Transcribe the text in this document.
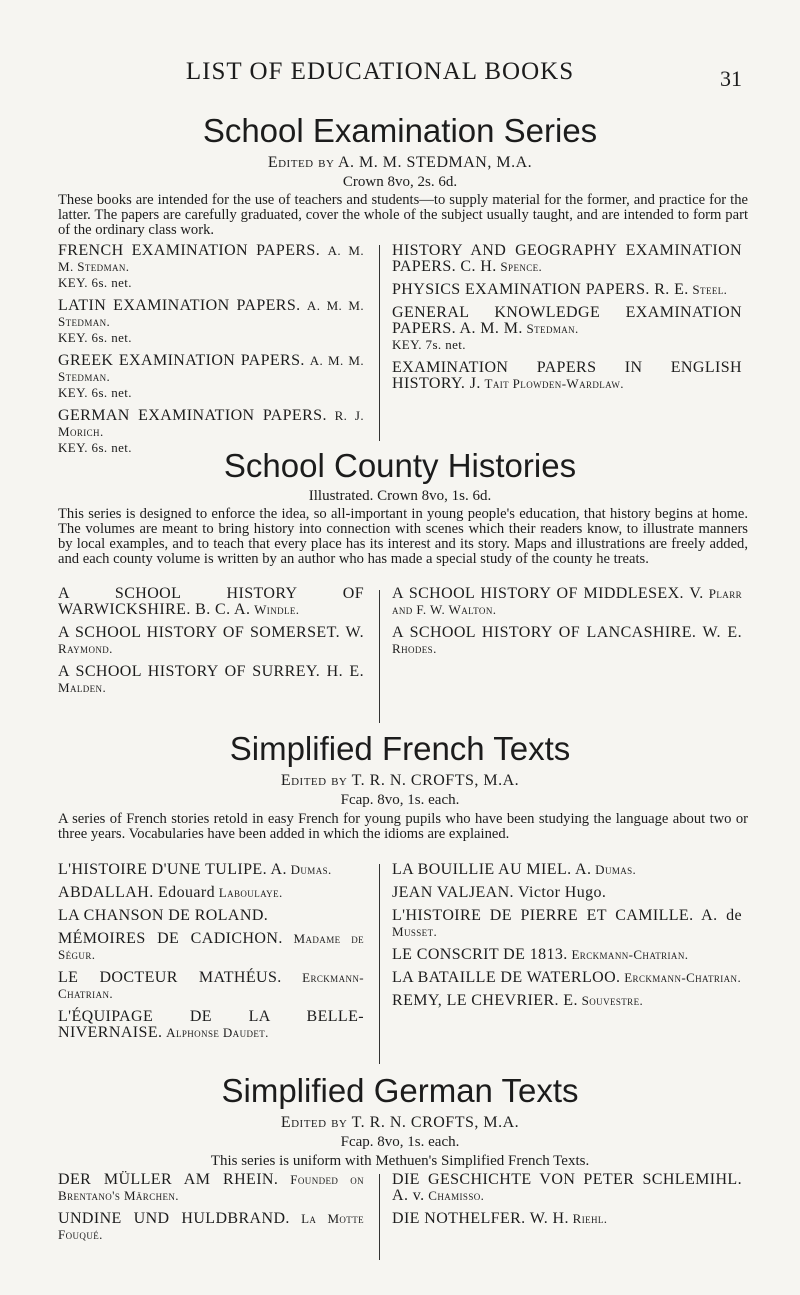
LIST OF EDUCATIONAL BOOKS	31
School Examination Series
Edited by A. M. M. STEDMAN, M.A.
Crown 8vo, 2s. 6d.

These books are intended for the use of teachers and students—to supply material for the former, and practice for the latter. The papers are carefully graduated, cover the whole of the subject usually taught, and are intended to form part of the ordinary class work.

FRENCH EXAMINATION PAPERS. A. M. M. Stedman.
KEY. 6s. net.
LATIN EXAMINATION PAPERS. A. M. M. Stedman.
KEY. 6s. net.
GREEK EXAMINATION PAPERS. A. M. M. Stedman.
KEY. 6s. net.
GERMAN EXAMINATION PAPERS. R. J. Morich.
KEY. 6s. net.
HISTORY AND GEOGRAPHY EXAMINATION PAPERS. C. H. Spence.
PHYSICS EXAMINATION PAPERS. R. E. Steel.
GENERAL KNOWLEDGE EXAMINATION PAPERS. A. M. M. Stedman.
KEY. 7s. net.
EXAMINATION PAPERS IN ENGLISH HISTORY. J. Tait Plowden-Wardlaw.
School County Histories
Illustrated. Crown 8vo, 1s. 6d.

This series is designed to enforce the idea, so all-important in young people's education, that history begins at home. The volumes are meant to bring history into connection with scenes which their readers know, to illustrate manners by local examples, and to teach that every place has its interest and its story. Maps and illustrations are freely added, and each county volume is written by an author who has made a special study of the county he treats.

A SCHOOL HISTORY OF WARWICKSHIRE. B. C. A. Windle.
A SCHOOL HISTORY OF SOMERSET. W. Raymond.
A SCHOOL HISTORY OF SURREY. H. E. Malden.
A SCHOOL HISTORY OF MIDDLESEX. V. Plarr and F. W. Walton.
A SCHOOL HISTORY OF LANCASHIRE. W. E. Rhodes.
Simplified French Texts
Edited by T. R. N. CROFTS, M.A.
Fcap. 8vo, 1s. each.

A series of French stories retold in easy French for young pupils who have been studying the language about two or three years. Vocabularies have been added in which the idioms are explained.

L'HISTOIRE D'UNE TULIPE. A. Dumas.
ABDALLAH. Edouard Laboulaye.
LA CHANSON DE ROLAND.
MÉMOIRES DE CADICHON. Madame de Ségur.
LE DOCTEUR MATHÉUS. Erckmann-Chatrian.
L'ÉQUIPAGE DE LA BELLE-NIVERNAISE. Alphonse Daudet.
LA BOUILLIE AU MIEL. A. Dumas.
JEAN VALJEAN. Victor Hugo.
L'HISTOIRE DE PIERRE ET CAMILLE. A. de Musset.
LE CONSCRIT DE 1813. Erckmann-Chatrian.
LA BATAILLE DE WATERLOO. Erckmann-Chatrian.
REMY, LE CHEVRIER. E. Souvestre.
Simplified German Texts
Edited by T. R. N. CROFTS, M.A.
Fcap. 8vo, 1s. each.
This series is uniform with Methuen's Simplified French Texts.
DER MÜLLER AM RHEIN. Founded on Brentano's Märchen.
UNDINE UND HULDBRAND. La Motte Fouqué.
DIE GESCHICHTE VON PETER SCHLEMIHL. A. v. Chamisso.
DIE NOTHELFER. W. H. Riehl.
